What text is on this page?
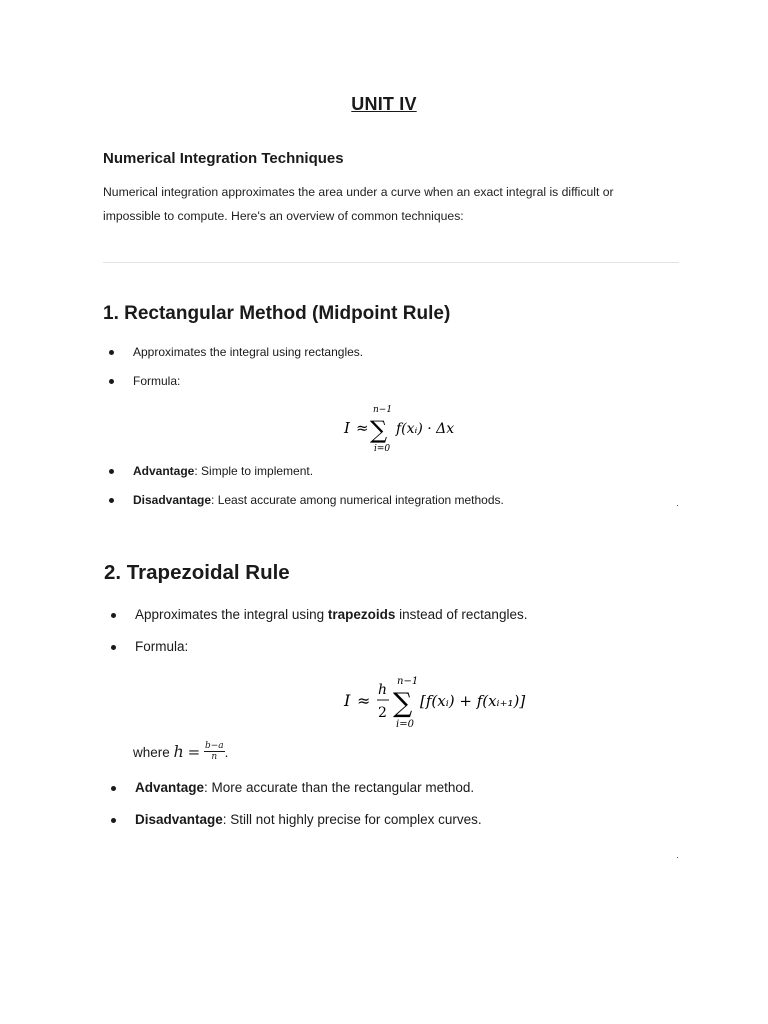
UNIT IV
Numerical Integration Techniques
Numerical integration approximates the area under a curve when an exact integral is difficult or
impossible to compute. Here's an overview of common techniques:
1. Rectangular Method (Midpoint Rule)
Approximates the integral using rectangles.
Formula:
Advantage: Simple to implement.
Disadvantage: Least accurate among numerical integration methods.
I ≈
n−1
∑
i=0
f(xᵢ) · Δx
2. Trapezoidal Rule
Approximates the integral using trapezoids instead of rectangles.
Formula:
Advantage: More accurate than the rectangular method.
Disadvantage: Still not highly precise for complex curves.
I ≈
h
2
n−1
∑
i=0
[f(xᵢ) + f(xᵢ₊₁)]
where $h = \frac{b-a}{n}$ .
